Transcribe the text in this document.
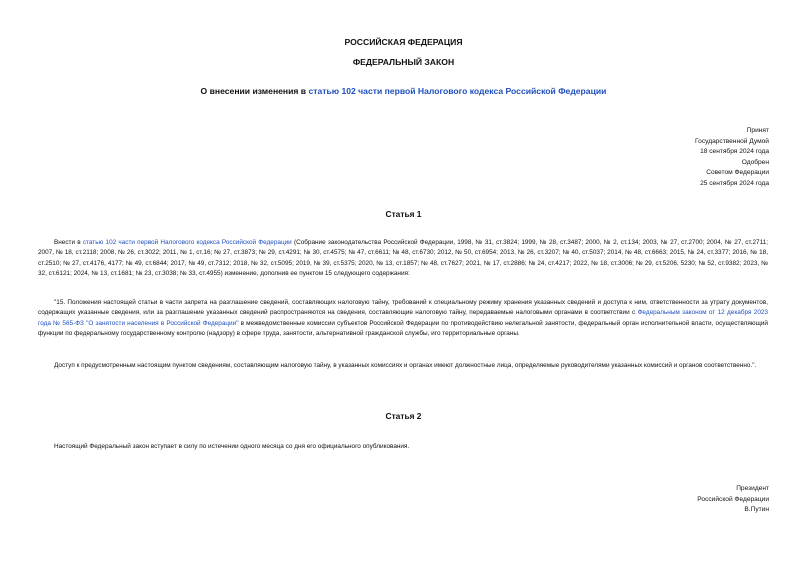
РОССИЙСКАЯ ФЕДЕРАЦИЯ
ФЕДЕРАЛЬНЫЙ ЗАКОН
О внесении изменения в статью 102 части первой Налогового кодекса Российской Федерации
Принят
Государственной Думой
18 сентября 2024 года
Одобрен
Советом Федерации
25 сентября 2024 года
Статья 1

Внести в статью 102 части первой Налогового кодекса Российской Федерации (Собрание законодательства Российской Федерации, 1998, № 31, ст.3824; 1999, № 28, ст.3487; 2000, № 2, ст.134; 2003, № 27, ст.2700; 2004, № 27, ст.2711; 2007, № 18, ст.2118; 2008, № 26, ст.3022; 2011, № 1, ст.16; № 27, ст.3873; № 29, ст.4291; № 30, ст.4575; № 47, ст.6611; № 48, ст.6730; 2012, № 50, ст.6954; 2013, № 26, ст.3207; № 40, ст.5037; 2014, № 48, ст.6663; 2015, № 24, ст.3377; 2016, № 18, ст.2510; № 27, ст.4176, 4177; № 49, ст.6844; 2017, № 49, ст.7312; 2018, № 32, ст.5095; 2019, № 39, ст.5375; 2020, № 13, ст.1857; № 48, ст.7627; 2021, № 17, ст.2886; № 24, ст.4217; 2022, № 18, ст.3006; № 29, ст.5206, 5230; № 52, ст.9382; 2023, № 32, ст.6121; 2024, № 13, ст.1681; № 23, ст.3038; № 33, ст.4955) изменение, дополнив ее пунктом 15 следующего содержания:

"15. Положения настоящей статьи в части запрета на разглашение сведений, составляющих налоговую тайну, требований к специальному режиму хранения указанных сведений и доступа к ним, ответственности за утрату документов, содержащих указанные сведения, или за разглашение указанных сведений распространяются на сведения, составляющие налоговую тайну, передаваемые налоговыми органами в соответствии с Федеральным законом от 12 декабря 2023 года № 565-ФЗ "О занятости населения в Российской Федерации" в межведомственные комиссии субъектов Российской Федерации по противодействию нелегальной занятости, федеральный орган исполнительной власти, осуществляющий функции по федеральному государственному контролю (надзору) в сфере труда, занятости, альтернативной гражданской службы, иго территориальные органы.

Доступ к предусмотренным настоящим пунктом сведениям, составляющим налоговую тайну, в указанных комиссиях и органах имеют должностные лица, определяемые руководителями указанных комиссий и органов соответственно.".

Статья 2

Настоящий Федеральный закон вступает в силу по истечении одного месяца со дня его официального опубликования.

Президент
Российской Федерации
В.Путин
